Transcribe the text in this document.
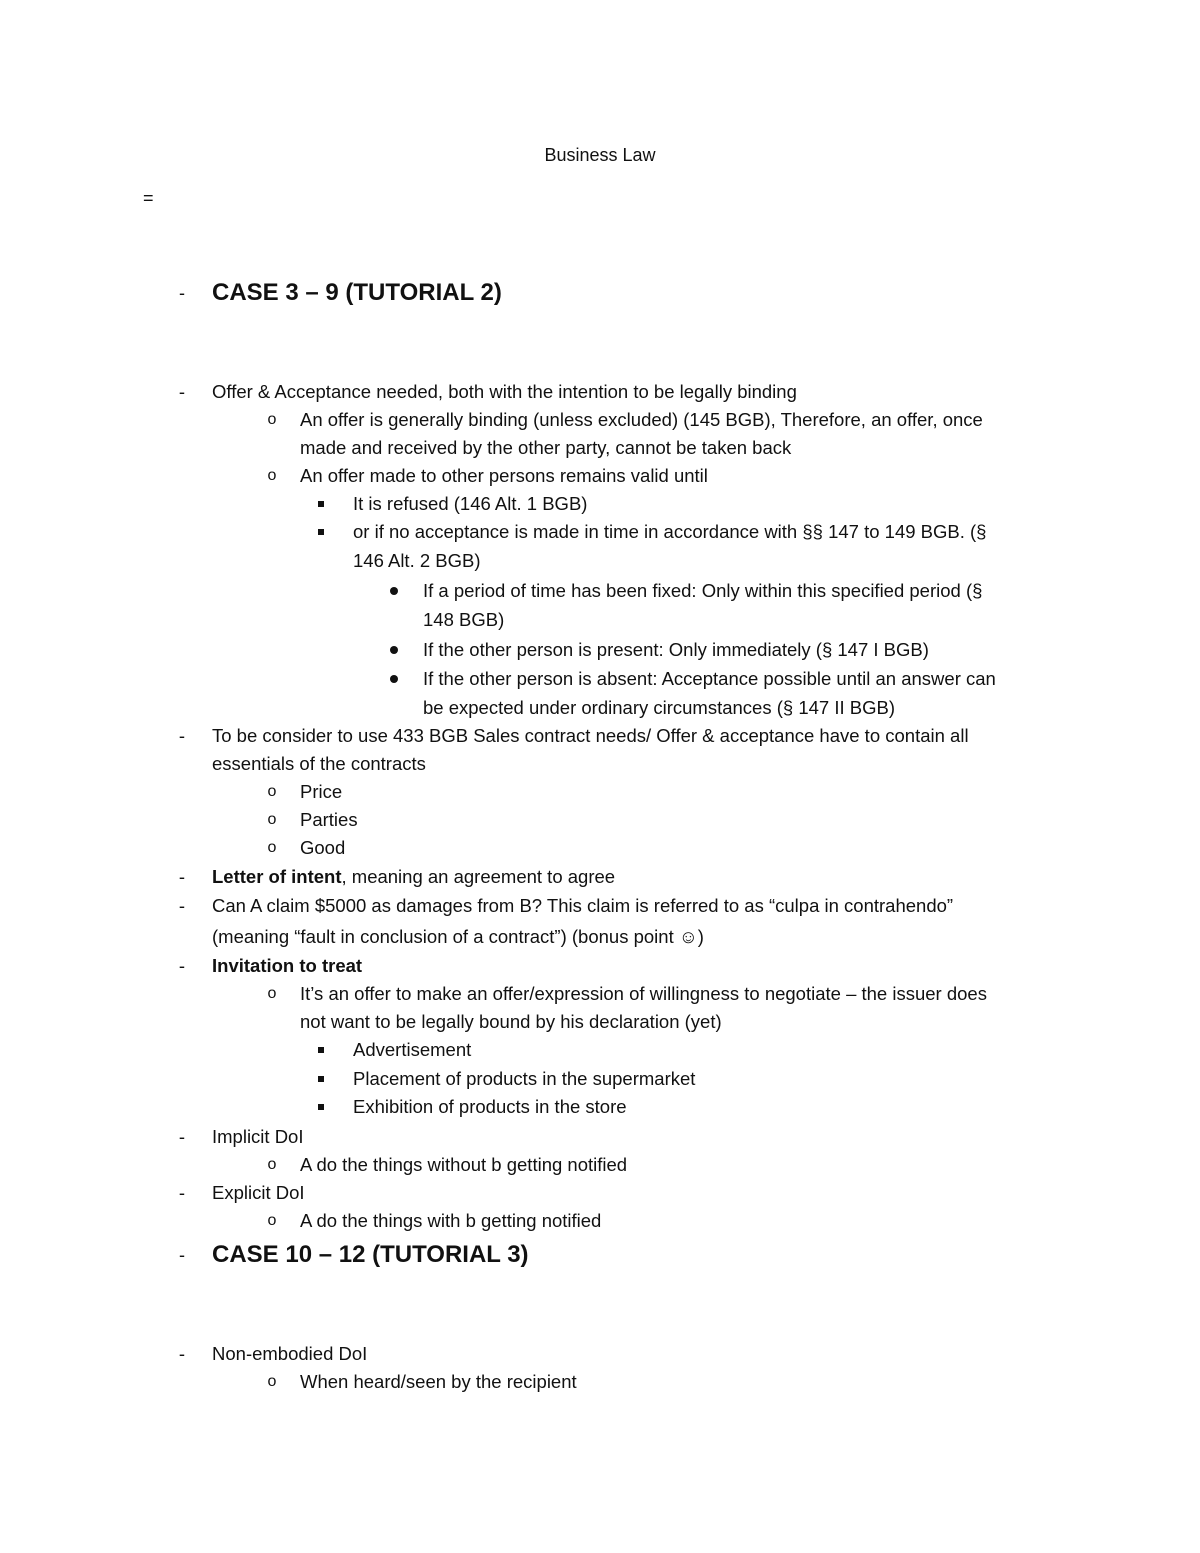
Business Law
=
- CASE 3 – 9 (TUTORIAL 2)
- Offer & Acceptance needed, both with the intention to be legally binding
o An offer is generally binding (unless excluded) (145 BGB), Therefore, an offer, once
made and received by the other party, cannot be taken back
o An offer made to other persons remains valid until
It is refused (146 Alt. 1 BGB)
or if no acceptance is made in time in accordance with §§ 147 to 149 BGB. (§
146 Alt. 2 BGB)
If a period of time has been fixed: Only within this specified period (§
148 BGB)
If the other person is present: Only immediately (§ 147 I BGB)
If the other person is absent: Acceptance possible until an answer can
be expected under ordinary circumstances (§ 147 II BGB)
- To be consider to use 433 BGB Sales contract needs/ Offer & acceptance have to contain all
essentials of the contracts
o Price
o Parties
o Good
- Letter of intent, meaning an agreement to agree
- Can A claim $5000 as damages from B? This claim is referred to as “culpa in contrahendo”
(meaning “fault in conclusion of a contract”) (bonus point ☺)
- Invitation to treat
o It’s an offer to make an offer/expression of willingness to negotiate – the issuer does
not want to be legally bound by his declaration (yet)
Advertisement
Placement of products in the supermarket
Exhibition of products in the store
- Implicit DoI
o A do the things without b getting notified
- Explicit DoI
o A do the things with b getting notified
- CASE 10 – 12 (TUTORIAL 3)
- Non-embodied DoI
o When heard/seen by the recipient
